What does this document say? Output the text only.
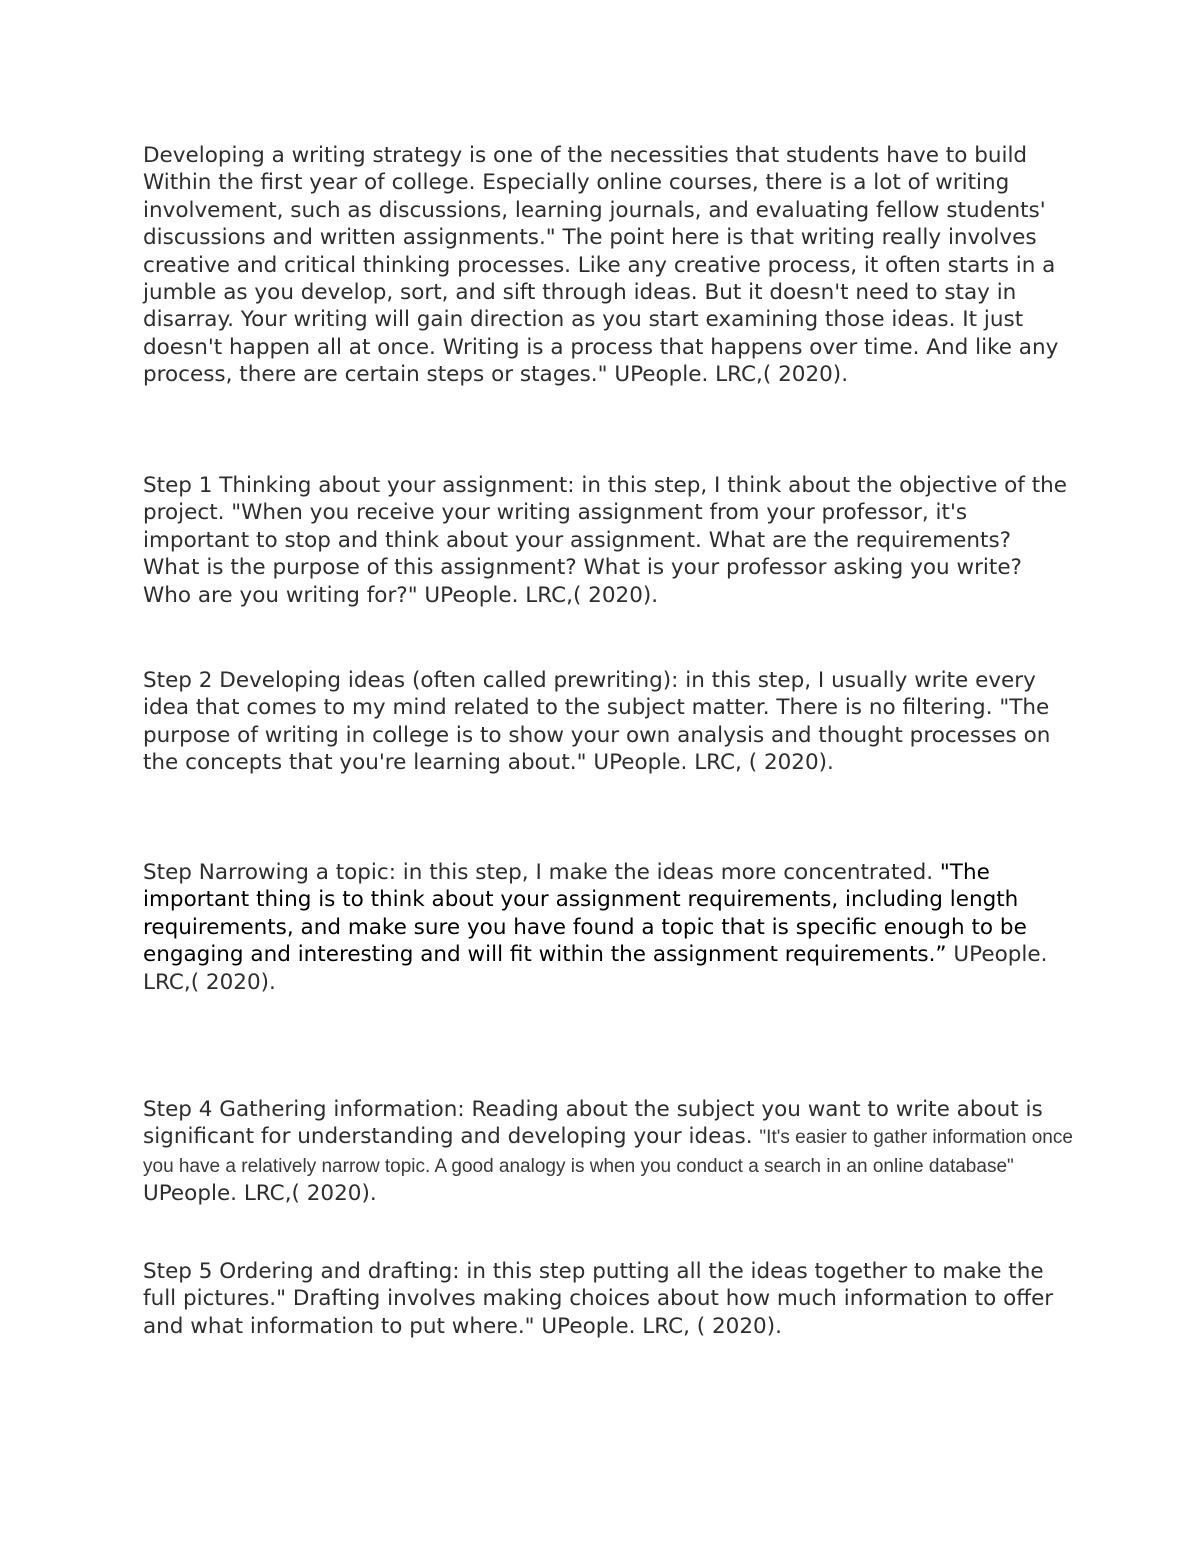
Developing a writing strategy is one of the necessities that students have to build Within the first year of college. Especially online courses, there is a lot of writing involvement, such as discussions, learning journals, and evaluating fellow students' discussions and written assignments." The point here is that writing really involves creative and critical thinking processes. Like any creative process, it often starts in a jumble as you develop, sort, and sift through ideas. But it doesn't need to stay in disarray. Your writing will gain direction as you start examining those ideas. It just doesn't happen all at once. Writing is a process that happens over time. And like any process, there are certain steps or stages." UPeople. LRC,( 2020).

Step 1 Thinking about your assignment: in this step, I think about the objective of the project. "When you receive your writing assignment from your professor, it's important to stop and think about your assignment. What are the requirements? What is the purpose of this assignment? What is your professor asking you write? Who are you writing for?" UPeople. LRC,( 2020).

Step 2 Developing ideas (often called prewriting): in this step, I usually write every idea that comes to my mind related to the subject matter. There is no filtering. "The purpose of writing in college is to show your own analysis and thought processes on the concepts that you're learning about." UPeople. LRC, ( 2020).

Step Narrowing a topic: in this step, I make the ideas more concentrated. "The important thing is to think about your assignment requirements, including length requirements, and make sure you have found a topic that is specific enough to be engaging and interesting and will fit within the assignment requirements.” UPeople. LRC,( 2020).

Step 4 Gathering information: Reading about the subject you want to write about is significant for understanding and developing your ideas. "It's easier to gather information once you have a relatively narrow topic. A good analogy is when you conduct a search in an online database" UPeople. LRC,( 2020).

Step 5 Ordering and drafting: in this step putting all the ideas together to make the full pictures." Drafting involves making choices about how much information to offer and what information to put where." UPeople. LRC, ( 2020).
